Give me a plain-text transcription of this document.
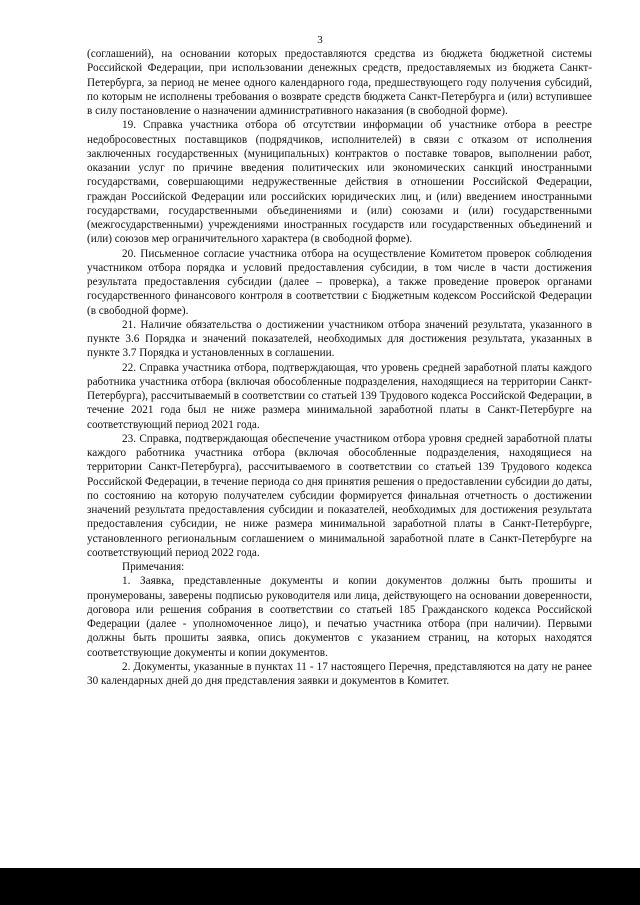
3

(соглашений), на основании которых предоставляются средства из бюджета бюджетной системы Российской Федерации, при использовании денежных средств, предоставляемых из бюджета Санкт-Петербурга, за период не менее одного календарного года, предшествующего году получения субсидий, по которым не исполнены требования о возврате средств бюджета Санкт-Петербурга и (или) вступившее в силу постановление о назначении административного наказания (в свободной форме).

19. Справка участника отбора об отсутствии информации об участнике отбора в реестре недобросовестных поставщиков (подрядчиков, исполнителей) в связи с отказом от исполнения заключенных государственных (муниципальных) контрактов о поставке товаров, выполнении работ, оказании услуг по причине введения политических или экономических санкций иностранными государствами, совершающими недружественные действия в отношении Российской Федерации, граждан Российской Федерации или российских юридических лиц, и (или) введением иностранными государствами, государственными объединениями и (или) союзами и (или) государственными (межгосударственными) учреждениями иностранных государств или государственных объединений и (или) союзов мер ограничительного характера (в свободной форме).

20. Письменное согласие участника отбора на осуществление Комитетом проверок соблюдения участником отбора порядка и условий предоставления субсидии, в том числе в части достижения результата предоставления субсидии (далее – проверка), а также проведение проверок органами государственного финансового контроля в соответствии с Бюджетным кодексом Российской Федерации (в свободной форме).

21. Наличие обязательства о достижении участником отбора значений результата, указанного в пункте 3.6 Порядка и значений показателей, необходимых для достижения результата, указанных в пункте 3.7 Порядка и установленных в соглашении.

22. Справка участника отбора, подтверждающая, что уровень средней заработной платы каждого работника участника отбора (включая обособленные подразделения, находящиеся на территории Санкт-Петербурга), рассчитываемый в соответствии со статьей 139 Трудового кодекса Российской Федерации, в течение 2021 года был не ниже размера минимальной заработной платы в Санкт-Петербурге на соответствующий период 2021 года.

23. Справка, подтверждающая обеспечение участником отбора уровня средней заработной платы каждого работника участника отбора (включая обособленные подразделения, находящиеся на территории Санкт-Петербурга), рассчитываемого в соответствии со статьей 139 Трудового кодекса Российской Федерации, в течение периода со дня принятия решения о предоставлении субсидии до даты, по состоянию на которую получателем субсидии формируется финальная отчетность о достижении значений результата предоставления субсидии и показателей, необходимых для достижения результата предоставления субсидии, не ниже размера минимальной заработной платы в Санкт-Петербурге, установленного региональным соглашением о минимальной заработной плате в Санкт-Петербурге на соответствующий период 2022 года.

Примечания:

1. Заявка, представленные документы и копии документов должны быть прошиты и пронумерованы, заверены подписью руководителя или лица, действующего на основании доверенности, договора или решения собрания в соответствии со статьей 185 Гражданского кодекса Российской Федерации (далее - уполномоченное лицо), и печатью участника отбора (при наличии). Первыми должны быть прошиты заявка, опись документов с указанием страниц, на которых находятся соответствующие документы и копии документов.

2. Документы, указанные в пунктах 11 - 17 настоящего Перечня, представляются на дату не ранее 30 календарных дней до дня представления заявки и документов в Комитет.
